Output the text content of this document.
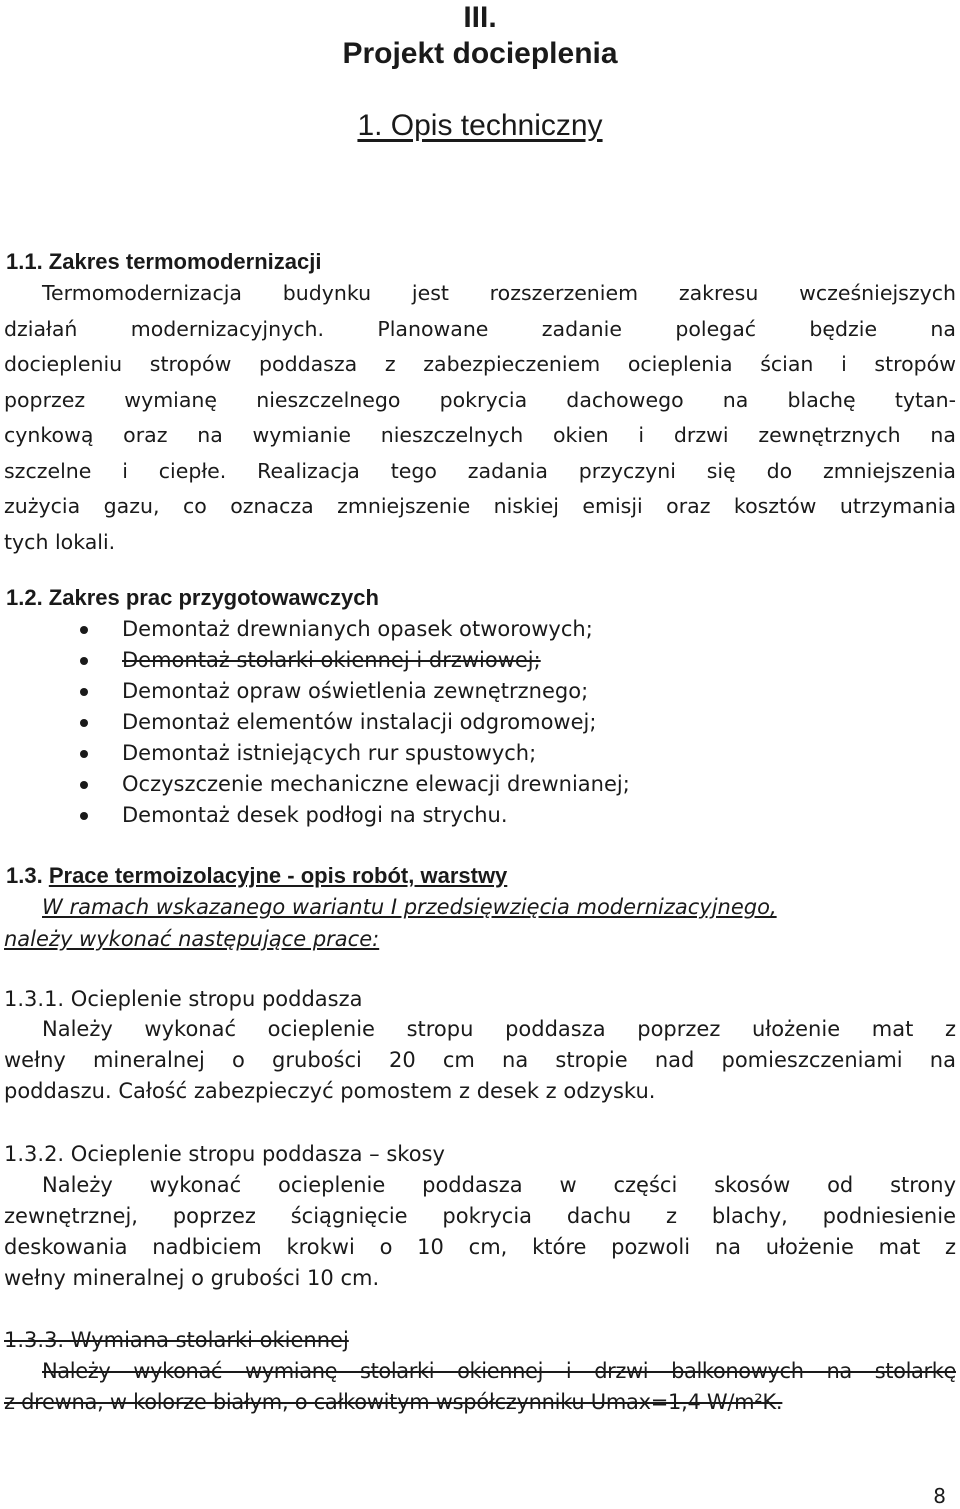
III.
Projekt docieplenia
1. Opis techniczny
1.1. Zakres termomodernizacji
Termomodernizacja budynku jest rozszerzeniem zakresu wcześniejszych
działań modernizacyjnych. Planowane zadanie polegać będzie na
dociepleniu stropów poddasza z zabezpieczeniem ocieplenia ścian i stropów
poprzez wymianę nieszczelnego pokrycia dachowego na blachę tytan-
cynkową oraz na wymianie nieszczelnych okien i drzwi zewnętrznych na
szczelne i ciepłe. Realizacja tego zadania przyczyni się do zmniejszenia
zużycia gazu, co oznacza zmniejszenie niskiej emisji oraz kosztów utrzymania
tych lokali.
1.2. Zakres prac przygotowawczych
Demontaż drewnianych opasek otworowych;
Demontaż stolarki okiennej i drzwiowej;
Demontaż opraw oświetlenia zewnętrznego;
Demontaż elementów instalacji odgromowej;
Demontaż istniejących rur spustowych;
Oczyszczenie mechaniczne elewacji drewnianej;
Demontaż desek podłogi na strychu.
1.3. Prace termoizolacyjne - opis robót, warstwy
W ramach wskazanego wariantu I przedsięwzięcia modernizacyjnego,
należy wykonać następujące prace:
1.3.1. Ocieplenie stropu poddasza
Należy wykonać ocieplenie stropu poddasza poprzez ułożenie mat z
wełny mineralnej o grubości 20 cm na stropie nad pomieszczeniami na
poddaszu. Całość zabezpieczyć pomostem z desek z odzysku.
1.3.2. Ocieplenie stropu poddasza – skosy
Należy wykonać ocieplenie poddasza w części skosów od strony
zewnętrznej, poprzez ściągnięcie pokrycia dachu z blachy, podniesienie
deskowania nadbiciem krokwi o 10 cm, które pozwoli na ułożenie mat z
wełny mineralnej o grubości 10 cm.
1.3.3. Wymiana stolarki okiennej
Należy wykonać wymianę stolarki okiennej i drzwi balkonowych na stolarkę
z drewna, w kolorze białym, o całkowitym współczynniku Umax=1,4 W/m²K.
8
